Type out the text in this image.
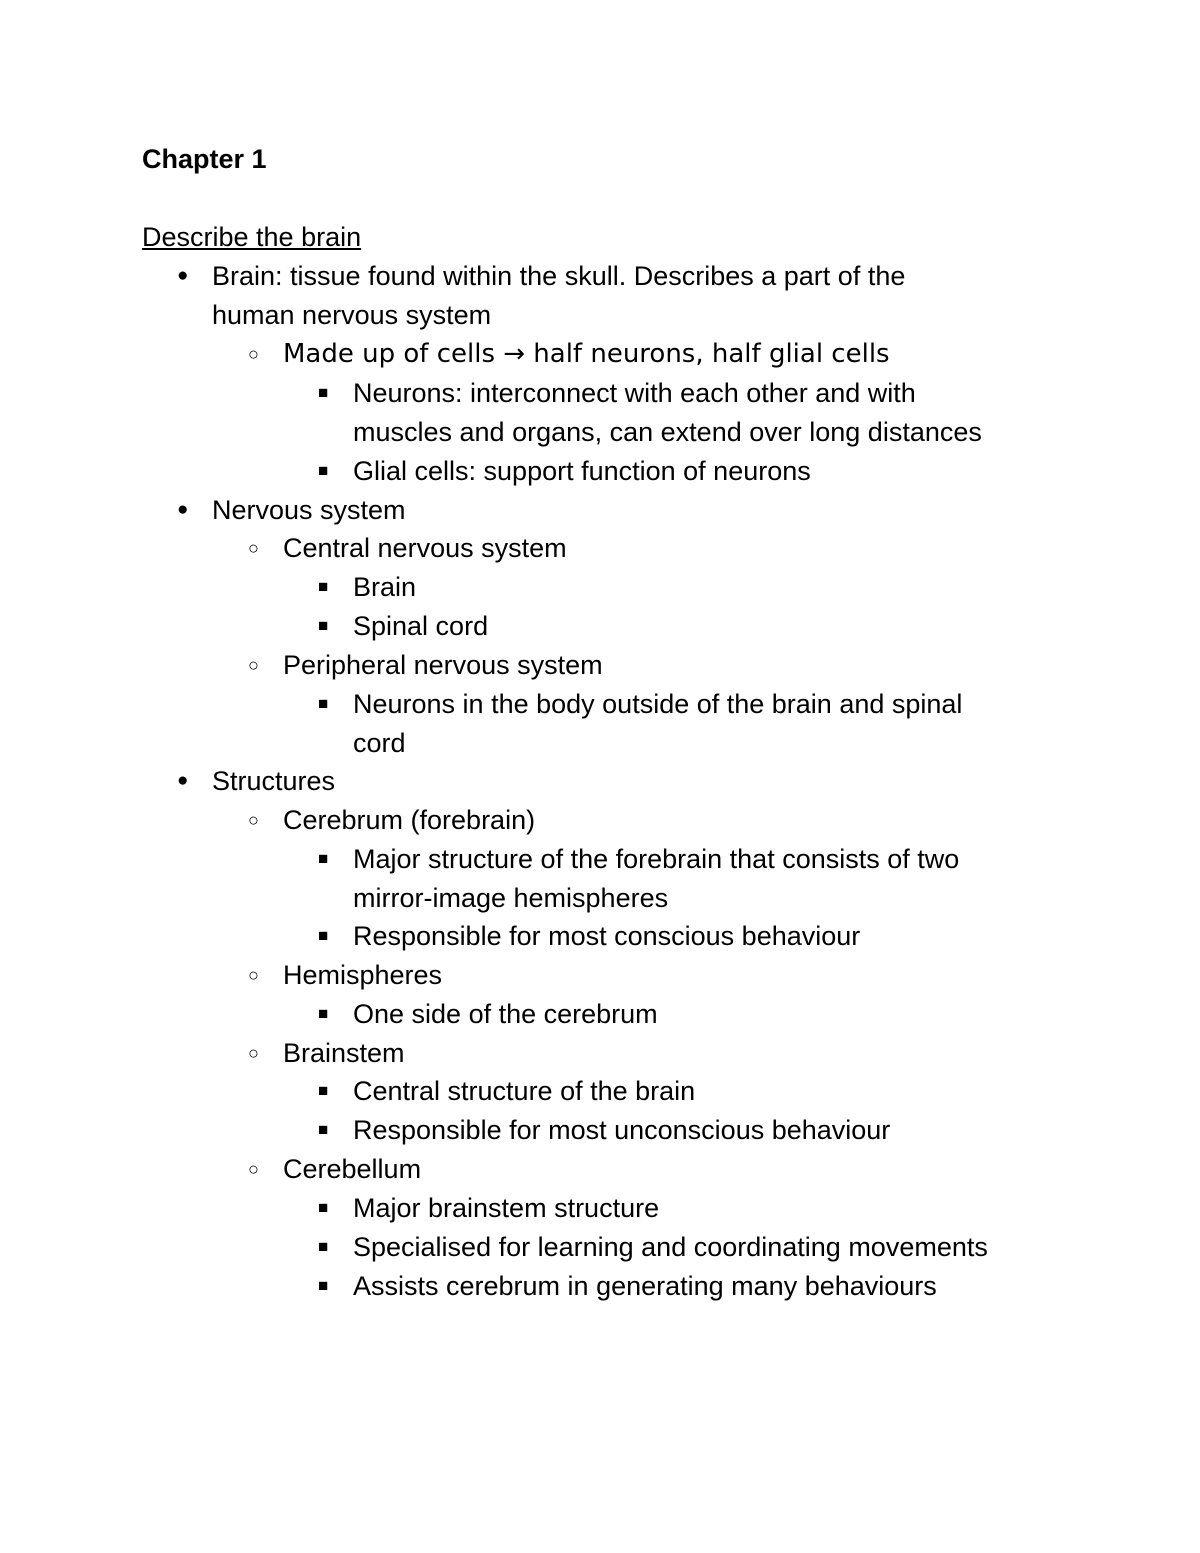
Chapter 1
Describe the brain
● Brain: tissue found within the skull. Describes a part of the
human nervous system
○ Made up of cells → half neurons, half glial cells
■ Neurons: interconnect with each other and with
muscles and organs, can extend over long distances
■ Glial cells: support function of neurons
● Nervous system
○ Central nervous system
■ Brain
■ Spinal cord
○ Peripheral nervous system
■ Neurons in the body outside of the brain and spinal
cord
● Structures
○ Cerebrum (forebrain)
■ Major structure of the forebrain that consists of two
mirror-image hemispheres
■ Responsible for most conscious behaviour
○ Hemispheres
■ One side of the cerebrum
○ Brainstem
■ Central structure of the brain
■ Responsible for most unconscious behaviour
○ Cerebellum
■ Major brainstem structure
■ Specialised for learning and coordinating movements
■ Assists cerebrum in generating many behaviours
